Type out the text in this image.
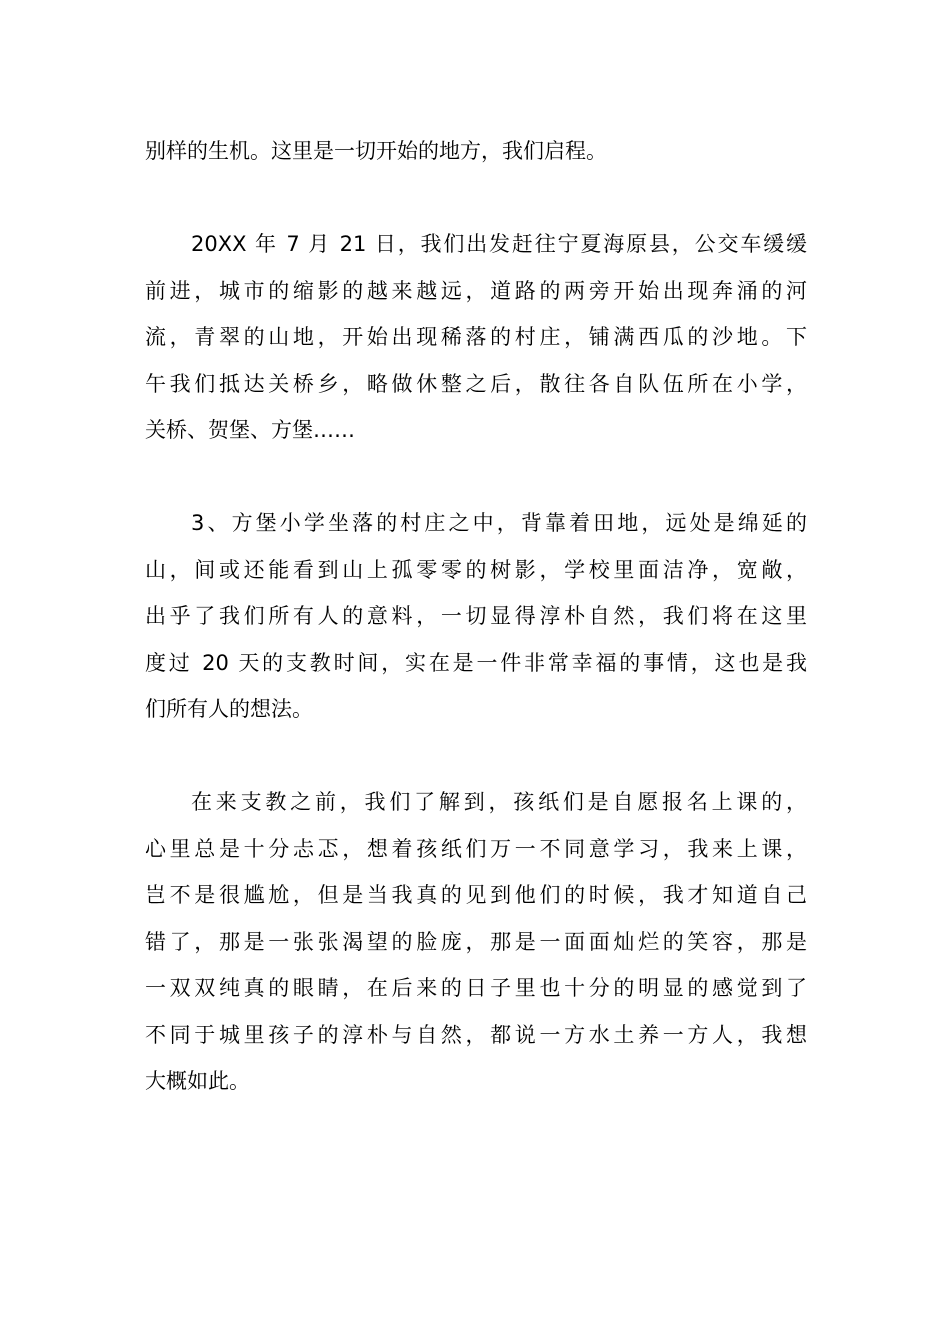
别样的生机。这里是一切开始的地方，我们启程。
20XX 年 7 月 21 日，我们出发赶往宁夏海原县，公交车缓缓
前进，城市的缩影的越来越远，道路的两旁开始出现奔涌的河
流，青翠的山地，开始出现稀落的村庄，铺满西瓜的沙地。下
午我们抵达关桥乡，略做休整之后，散往各自队伍所在小学，
关桥、贺堡、方堡……
3、方堡小学坐落的村庄之中，背靠着田地，远处是绵延的
山，间或还能看到山上孤零零的树影，学校里面洁净，宽敞，
出乎了我们所有人的意料，一切显得淳朴自然，我们将在这里
度过 20 天的支教时间，实在是一件非常幸福的事情，这也是我
们所有人的想法。
在来支教之前，我们了解到，孩纸们是自愿报名上课的，
心里总是十分忐忑，想着孩纸们万一不同意学习，我来上课，
岂不是很尴尬，但是当我真的见到他们的时候，我才知道自己
错了，那是一张张渴望的脸庞，那是一面面灿烂的笑容，那是
一双双纯真的眼睛，在后来的日子里也十分的明显的感觉到了
不同于城里孩子的淳朴与自然，都说一方水土养一方人，我想
大概如此。
